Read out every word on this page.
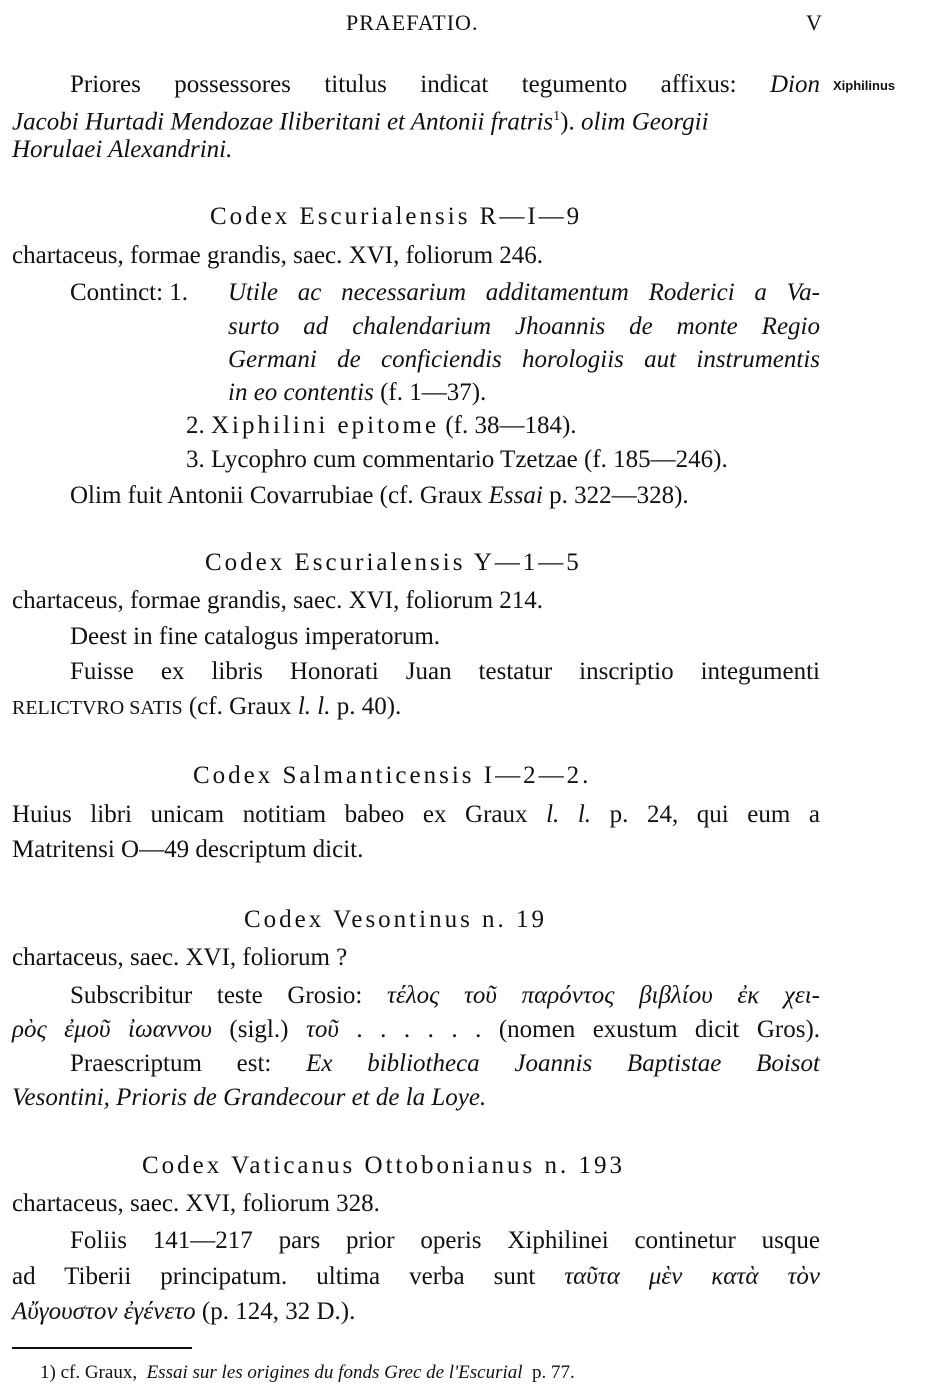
PRAEFATIO.	V
Xiphilinus
Priores possessores titulus indicat tegumento affixus: Dion
Jacobi Hurtadi Mendozae Iliberitani et Antonii fratris$^1$). olim Georgii
Horulaei Alexandrini.
Codex Escurialensis R—I—9
chartaceus, formae grandis, saec. XVI, foliorum 246.
Continct: 1. Utile ac necessarium additamentum Roderici a Va-
surto ad chalendarium Jhoannis de monte Regio
Germani de conficiendis horologiis aut instrumentis
in eo contentis (f. 1—37).
2. Xiphilini epitome (f. 38—184).
3. Lycophro cum commentario Tzetzae (f. 185—246).
Olim fuit Antonii Covarrubiae (cf. Graux Essai p. 322—328).
Codex Escurialensis Y—1—5
chartaceus, formae grandis, saec. XVI, foliorum 214.
Deest in fine catalogus imperatorum.
Fuisse ex libris Honorati Juan testatur inscriptio integumenti
RELICTVRO SATIS (cf. Graux l. l. p. 40).
Codex Salmanticensis I—2—2.
Huius libri unicam notitiam babeo ex Graux l. l. p. 24, qui eum a
Matritensi O—49 descriptum dicit.
Codex Vesontinus n. 19
chartaceus, saec. XVI, foliorum ?
Subscribitur teste Grosio: τέλος τοῦ παρόντος βιβλίου ἐκ χει-
ρὸς ἐμοῦ ἰωαννου (sigl.) τοῦ . . . . . . (nomen exustum dicit Gros).
Praescriptum est: Ex bibliotheca Joannis Baptistae Boisot
Vesontini, Prioris de Grandecour et de la Loye.
Codex Vaticanus Ottobonianus n. 193
chartaceus, saec. XVI, foliorum 328.
Foliis 141—217 pars prior operis Xiphilinei continetur usque
ad Tiberii principatum. ultima verba sunt ταῦτα μὲν κατὰ τὸν
Αὔγουστον ἐγένετο (p. 124, 32 D.).
1) cf. Graux, Essai sur les origines du fonds Grec de l'Escurial p. 77.
